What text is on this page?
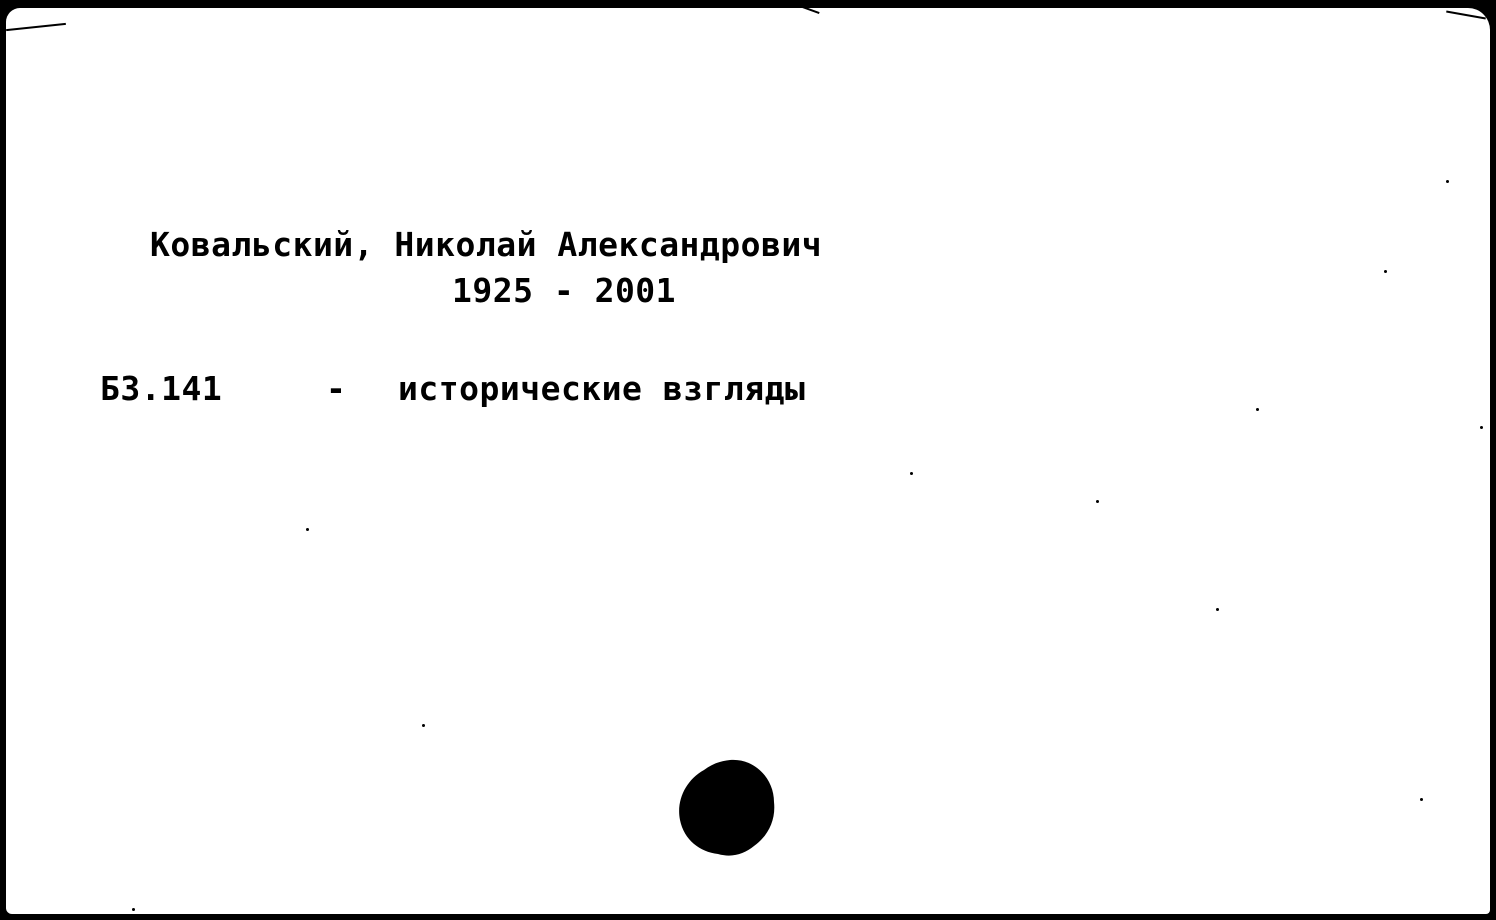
Ковальский, Николай Александрович
1925 - 2001
БЗ.141	- исторические взгляды
